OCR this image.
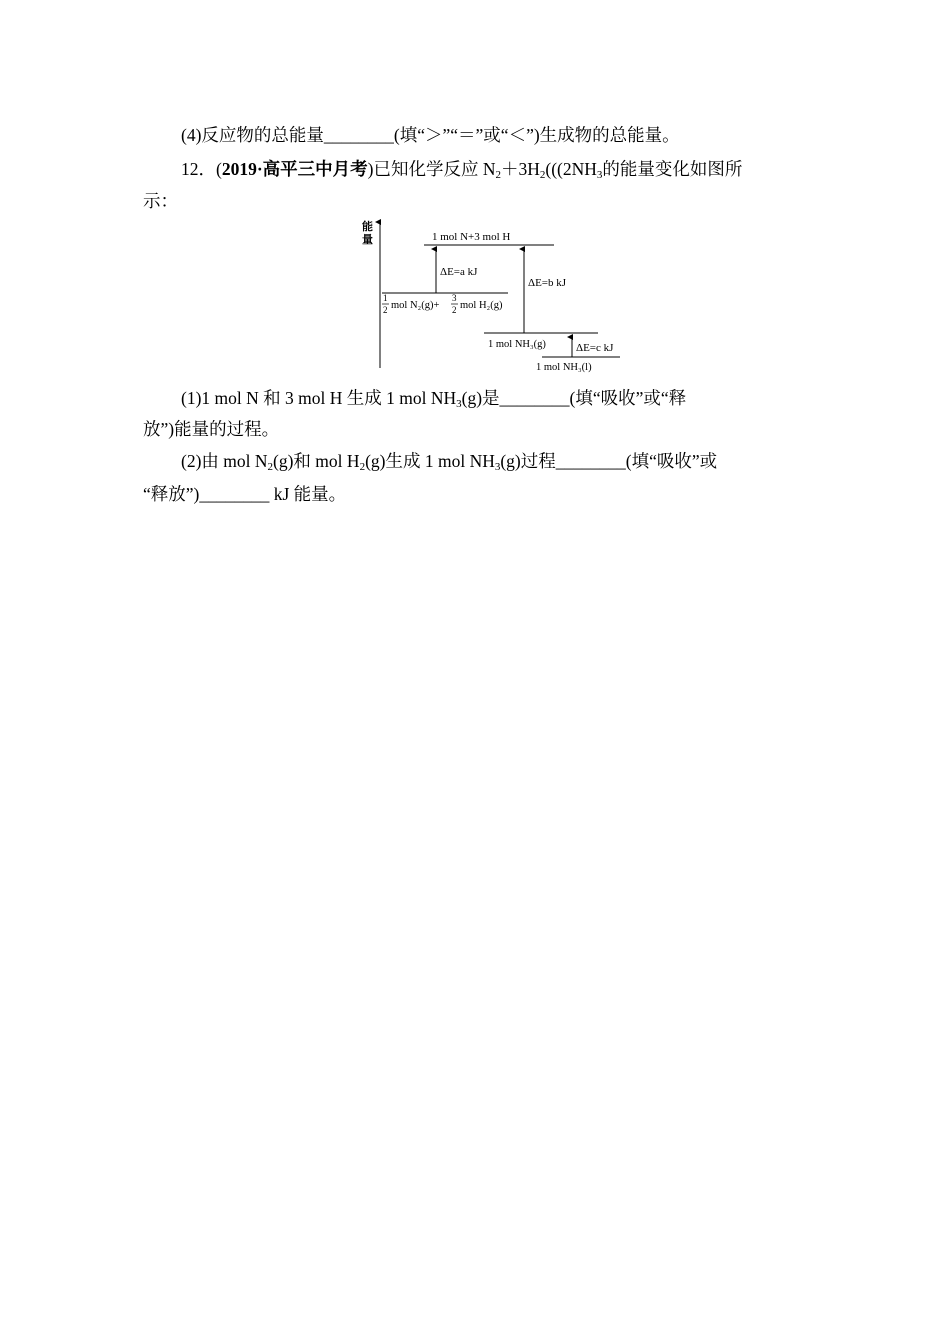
(4)反应物的总能量________(填“＞”“＝”或“＜”)生成物的总能量。
12．(2019·高平三中月考)已知化学反应 $N_2+3H_2(((2NH_3$的能量变化如图所
示：
能
量	1 mol N+3 mol H
ΔE=a kJ
1
2 mol N₂(g)+
3
2 mol H₂(g)
ΔE=b kJ
1 mol NH₃(g)	ΔE=c kJ
1 mol NH₃(l)
(1)1 mol N 和 3 mol H 生成 1 mol $NH_3(g)$是________(填“吸收”或“释
放”)能量的过程。
(2)由 mol $N_2(g)$和 mol $H_2(g)$生成 1 mol $NH_3(g)$过程________(填“吸收”或
“释放”)________ kJ 能量。
